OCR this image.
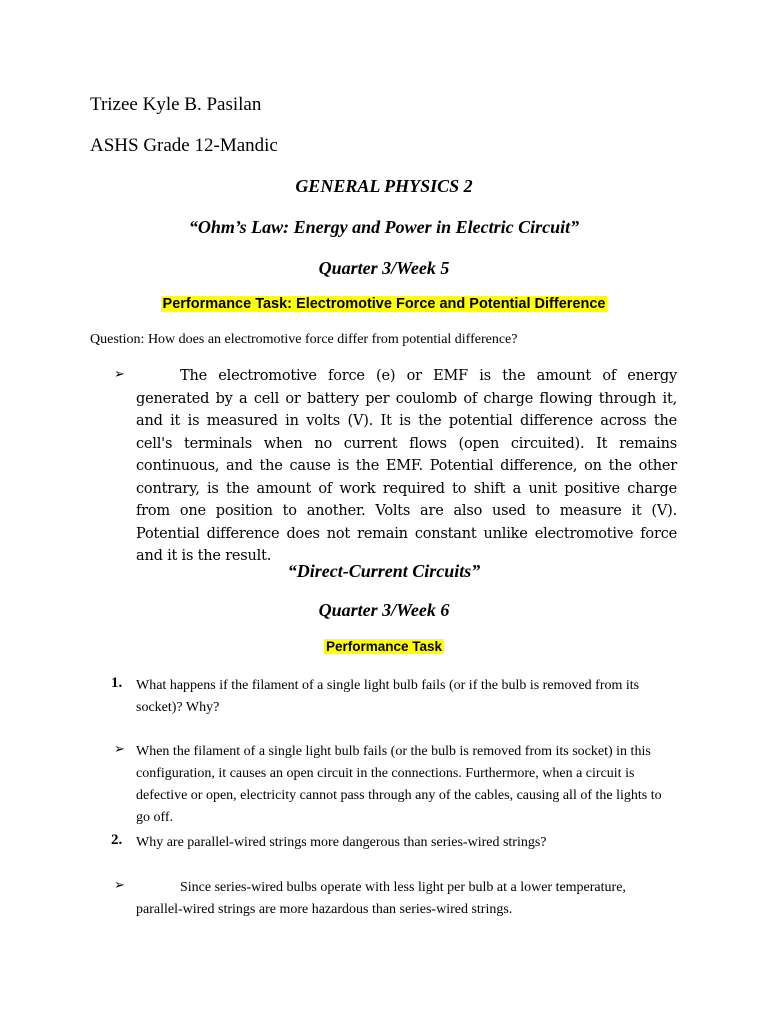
Trizee Kyle B. Pasilan
ASHS Grade 12-Mandic
GENERAL PHYSICS 2
“Ohm’s Law: Energy and Power in Electric Circuit”
Quarter 3/Week 5
Performance Task: Electromotive Force and Potential Difference
Question: How does an electromotive force differ from potential difference?
➢	The electromotive force (e) or EMF is the amount of energy generated by a cell or battery per coulomb of charge flowing through it, and it is measured in volts (V). It is the potential difference across the cell's terminals when no current flows (open circuited). It remains continuous, and the cause is the EMF. Potential difference, on the other contrary, is the amount of work required to shift a unit positive charge from one position to another. Volts are also used to measure it (V). Potential difference does not remain constant unlike electromotive force and it is the result.
“Direct-Current Circuits”
Quarter 3/Week 6
Performance Task
1. What happens if the filament of a single light bulb fails (or if the bulb is removed from its socket)? Why?
➢ When the filament of a single light bulb fails (or the bulb is removed from its socket) in this configuration, it causes an open circuit in the connections. Furthermore, when a circuit is defective or open, electricity cannot pass through any of the cables, causing all of the lights to go off.
2. Why are parallel-wired strings more dangerous than series-wired strings?
➢	Since series-wired bulbs operate with less light per bulb at a lower temperature, parallel-wired strings are more hazardous than series-wired strings.
